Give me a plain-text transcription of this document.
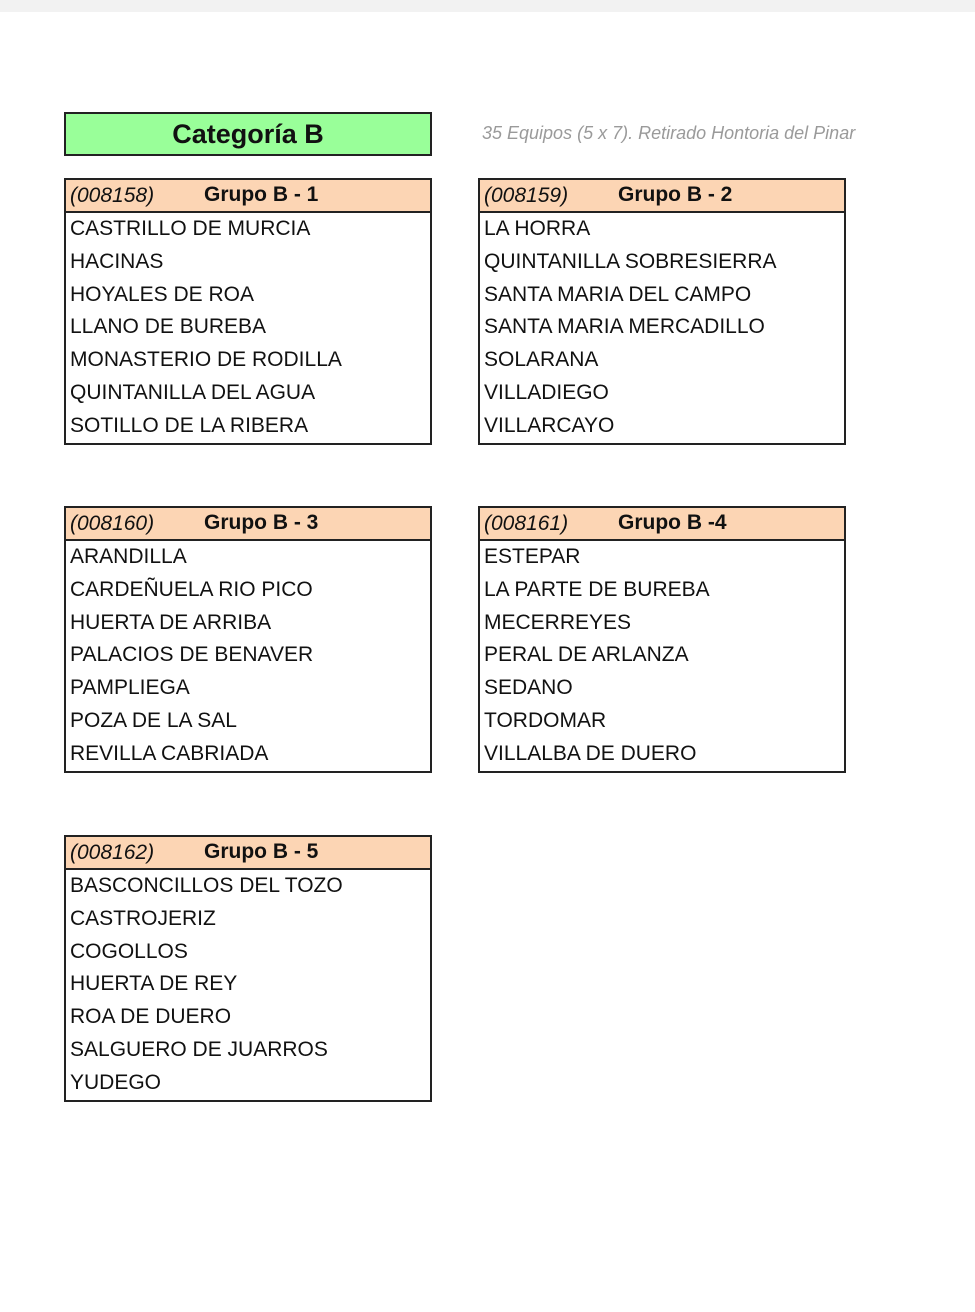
Categoría B	35 Equipos (5 x 7). Retirado Hontoria del Pinar
(008158) Grupo B - 1
CASTRILLO DE MURCIA
HACINAS
HOYALES DE ROA
LLANO DE BUREBA
MONASTERIO DE RODILLA
QUINTANILLA DEL AGUA
SOTILLO DE LA RIBERA
(008159) Grupo B - 2
LA HORRA
QUINTANILLA SOBRESIERRA
SANTA MARIA DEL CAMPO
SANTA MARIA MERCADILLO
SOLARANA
VILLADIEGO
VILLARCAYO
(008160) Grupo B - 3
ARANDILLA
CARDEÑUELA RIO PICO
HUERTA DE ARRIBA
PALACIOS DE BENAVER
PAMPLIEGA
POZA DE LA SAL
REVILLA CABRIADA
(008161) Grupo B -4
ESTEPAR
LA PARTE DE BUREBA
MECERREYES
PERAL DE ARLANZA
SEDANO
TORDOMAR
VILLALBA DE DUERO
(008162) Grupo B - 5
BASCONCILLOS DEL TOZO
CASTROJERIZ
COGOLLOS
HUERTA DE REY
ROA DE DUERO
SALGUERO DE JUARROS
YUDEGO
